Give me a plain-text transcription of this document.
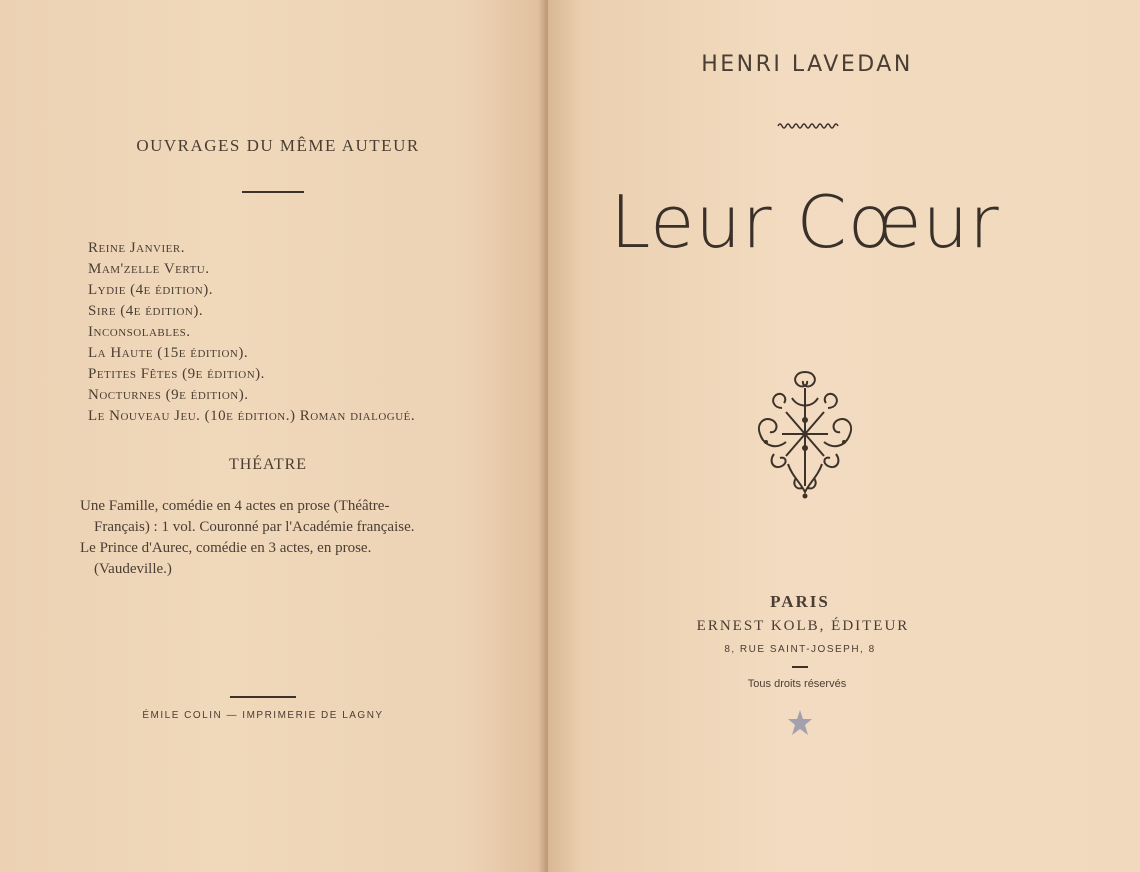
OUVRAGES DU MÊME AUTEUR
Reine Janvier.
Mam'zelle Vertu.
Lydie (4e édition).
Sire (4e édition).
Inconsolables.
La Haute (15e édition).
Petites Fêtes (9e édition).
Nocturnes (9e édition).
Le Nouveau Jeu. (10e édition.) Roman dialogué.
THÉATRE
Une Famille, comédie en 4 actes en prose (Théâtre-
Français) : 1 vol. Couronné par l'Académie française.
Le Prince d'Aurec, comédie en 3 actes, en prose.
(Vaudeville.)
ÉMILE COLIN — IMPRIMERIE DE LAGNY
HENRI LAVEDAN
Leur Cœur
PARIS
ERNEST KOLB, ÉDITEUR
8, RUE SAINT-JOSEPH, 8
Tous droits réservés
